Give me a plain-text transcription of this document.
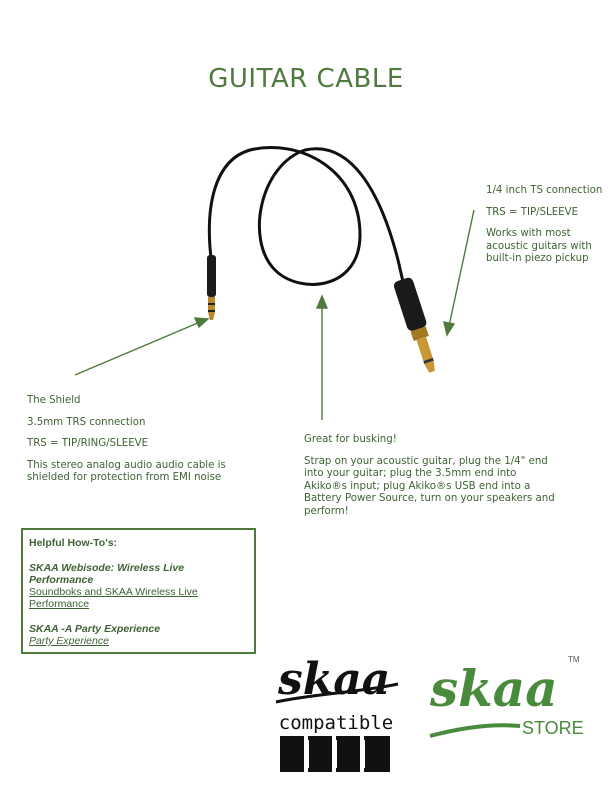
GUITAR CABLE

1/4 inch TS connection

TRS = TIP/SLEEVE

Works with most acoustic guitars with built-in piezo pickup

The Shield

3.5mm TRS connection

TRS = TIP/RING/SLEEVE

This stereo analog audio audio cable is shielded for protection from EMI noise

Great for busking!

Strap on your acoustic guitar, plug the 1/4" end into your guitar; plug the 3.5mm end into Akiko®s input; plug Akiko®s USB end into a Battery Power Source, turn on your speakers and perform!

Helpful How-To's:
SKAA Webisode: Wireless Live Performance
Soundboks and SKAA Wireless Live Performance
SKAA -A Party Experience
Party Experience
skaa
compatible
skaa
STORE
TM
